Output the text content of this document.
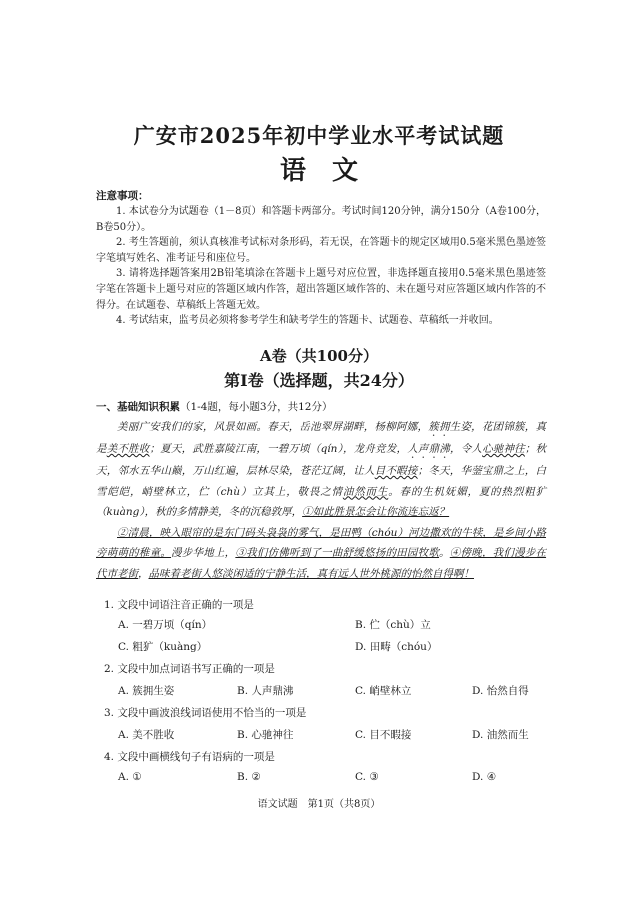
广安市2025年初中学业水平考试试题
语文
注意事项：

1. 本试卷分为试题卷（1－8页）和答题卡两部分。考试时间120分钟，满分150分（A卷100分，B卷50分）。

2. 考生答题前，须认真核准考试标对条形码，若无误，在答题卡的规定区域用0.5毫米黑色墨迹签字笔填写姓名、准考证号和座位号。

3. 请将选择题答案用2B铅笔填涂在答题卡上题号对应位置，非选择题直接用0.5毫米黑色墨迹签字笔在答题卡上题号对应的答题区域内作答，超出答题区域作答的、未在题号对应答题区域内作答的不得分。在试题卷、草稿纸上答题无效。

4. 考试结束，监考员必须将参考学生和缺考学生的答题卡、试题卷、草稿纸一并收回。

A卷（共100分）
第Ⅰ卷（选择题，共24分）
一、基础知识积累（1-4题，每小题3分，共12分）

美丽广安我们的家，风景如画。春天，岳池翠屏湖畔，杨柳阿娜，簇拥生姿，花团锦簇，真是美不胜收；夏天，武胜嘉陵江南，一碧万顷（qín），龙舟竞发，人声鼎沸，令人心驰神往；秋天，邻水五华山巅，万山红遍，层林尽染，苍茫辽阔，让人目不暇接；冬天，华蓥宝鼎之上，白雪皑皑，峭壁林立，伫（chù）立其上，敬畏之情油然而生。春的生机妩媚，夏的热烈粗犷（kuàng），秋的多情静美，冬的沉稳敦厚，①如此胜景怎会让你流连忘返？

②清晨，映入眼帘的是东门码头袅袅的雾气，是田鸭（chóu）河边撒欢的牛犊，是乡间小路旁萌萌的稚童。漫步华地上，③我们仿佛听到了一曲舒缓悠扬的田园牧歌。④傍晚，我们漫步在代市老街，品味着老街人悠淡闲适的宁静生活，真有远人世外桃源的怡然自得啊！

1. 文段中词语注音正确的一项是
A. 一碧万顷（qín）	B. 伫（chù）立
C. 粗犷（kuàng）	D. 田畴（chóu）
2. 文段中加点词语书写正确的一项是
A. 簇拥生姿	B. 人声鼎沸	C. 峭壁林立	D. 怡然自得
3. 文段中画波浪线词语使用不恰当的一项是
A. 美不胜收	B. 心驰神往	C. 目不暇接	D. 油然而生
4. 文段中画横线句子有语病的一项是
A. ①	B. ②	C. ③	D. ④
语文试题　第1页（共8页）
